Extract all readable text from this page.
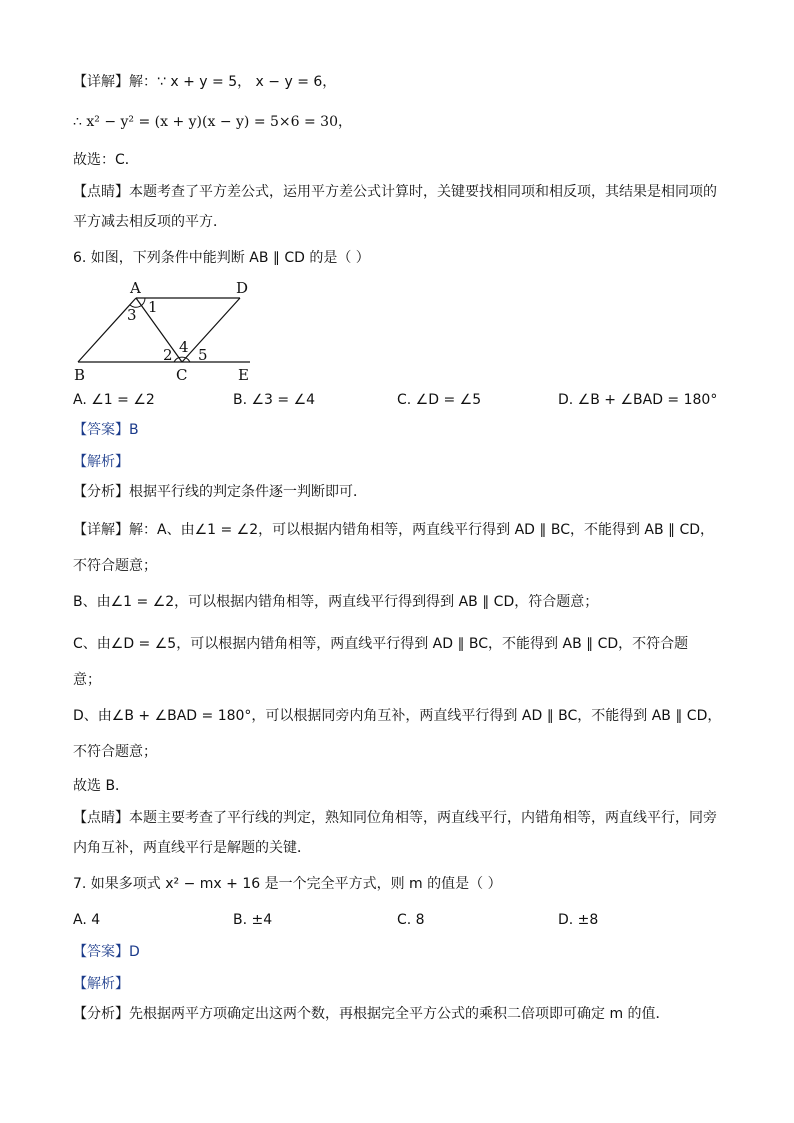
【详解】解：∵ x + y = 5， x − y = 6，
∴ x² − y² = (x + y)(x − y) = 5×6 = 30，
故选：C．
【点睛】本题考查了平方差公式，运用平方差公式计算时，关键要找相同项和相反项，其结果是相同项的
平方减去相反项的平方．
6. 如图，下列条件中能判断 AB ∥ CD 的是（ ）
A	D
B	C	E
1
3
4
2 5
A. ∠1 = ∠2	B. ∠3 = ∠4	C. ∠D = ∠5	D. ∠B + ∠BAD = 180°
【答案】B
【解析】
【分析】根据平行线的判定条件逐一判断即可．
【详解】解：A、由∠1 = ∠2，可以根据内错角相等，两直线平行得到 AD ∥ BC，不能得到 AB ∥ CD，
不符合题意；
B、由∠1 = ∠2，可以根据内错角相等，两直线平行得到得到 AB ∥ CD，符合题意；
C、由∠D = ∠5，可以根据内错角相等，两直线平行得到 AD ∥ BC，不能得到 AB ∥ CD，不符合题
意；
D、由∠B + ∠BAD = 180°，可以根据同旁内角互补，两直线平行得到 AD ∥ BC，不能得到 AB ∥ CD，
不符合题意；
故选 B．
【点睛】本题主要考查了平行线的判定，熟知同位角相等，两直线平行，内错角相等，两直线平行，同旁
内角互补，两直线平行是解题的关键．
7. 如果多项式 x² − mx + 16 是一个完全平方式，则 m 的值是（ ）
A. 4	B. ±4	C. 8	D. ±8
【答案】D
【解析】
【分析】先根据两平方项确定出这两个数，再根据完全平方公式的乘积二倍项即可确定 m 的值．
